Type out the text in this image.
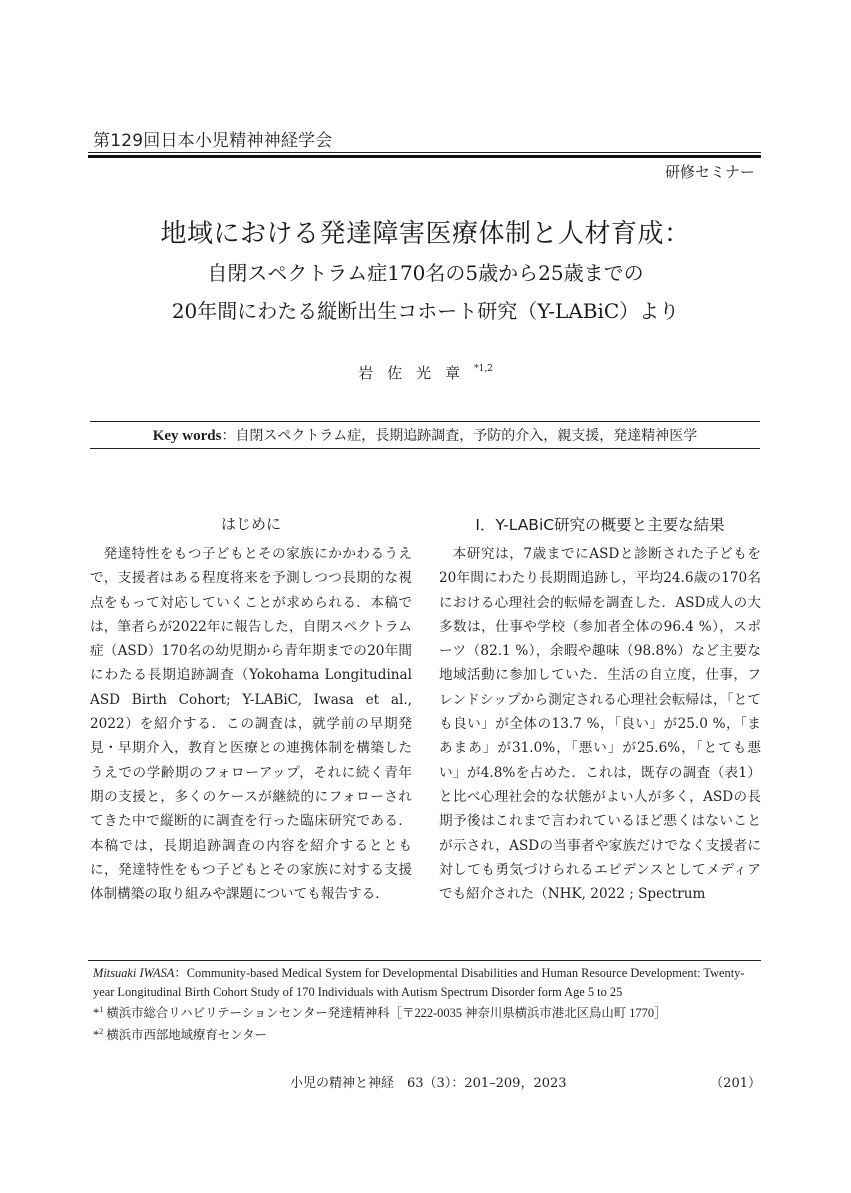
第129回日本小児精神神経学会
研修セミナー
地域における発達障害医療体制と人材育成：
自閉スペクトラム症170名の5歳から25歳までの
20年間にわたる縦断出生コホート研究（Y-LABiC）より
岩佐光章$^{*1,2}$
Key words：自閉スペクトラム症，長期追跡調査，予防的介入，親支援，発達精神医学
はじめに

発達特性をもつ子どもとその家族にかかわるうえで，支援者はある程度将来を予測しつつ長期的な視点をもって対応していくことが求められる．本稿では，筆者らが2022年に報告した，自閉スペクトラム症（ASD）170名の幼児期から青年期までの20年間にわたる長期追跡調査（Yokohama Longitudinal ASD Birth Cohort; Y-LABiC, Iwasa et al., 2022）を紹介する．この調査は，就学前の早期発見・早期介入，教育と医療との連携体制を構築したうえでの学齢期のフォローアップ，それに続く青年期の支援と，多くのケースが継続的にフォローされてきた中で縦断的に調査を行った臨床研究である．本稿では，長期追跡調査の内容を紹介するとともに，発達特性をもつ子どもとその家族に対する支援体制構築の取り組みや課題についても報告する．

Ⅰ．Y-LABiC研究の概要と主要な結果

本研究は，7歳までにASDと診断された子どもを20年間にわたり長期間追跡し，平均24.6歳の170名における心理社会的転帰を調査した．ASD成人の大多数は，仕事や学校（参加者全体の96.4 %），スポーツ（82.1 %），余暇や趣味（98.8%）など主要な地域活動に参加していた．生活の自立度，仕事，フレンドシップから測定される心理社会転帰は，「とても良い」が全体の13.7 %，「良い」が25.0 %，「まあまあ」が31.0%，「悪い」が25.6%，「とても悪い」が4.8%を占めた．これは，既存の調査（表1）と比べ心理社会的な状態がよい人が多く，ASDの長期予後はこれまで言われているほど悪くはないことが示され，ASDの当事者や家族だけでなく支援者に対しても勇気づけられるエビデンスとしてメディアでも紹介された（NHK, 2022 ; Spectrum

Mitsuaki IWASA：Community-based Medical System for Developmental Disabilities and Human Resource Development: Twenty-year Longitudinal Birth Cohort Study of 170 Individuals with Autism Spectrum Disorder form Age 5 to 25
*$^1$ 横浜市総合リハビリテーションセンター発達精神科［〒222-0035 神奈川県横浜市港北区鳥山町 1770］
*$^2$ 横浜市西部地域療育センター
小児の精神と神経　63（3）：201–209，2023	（201）
